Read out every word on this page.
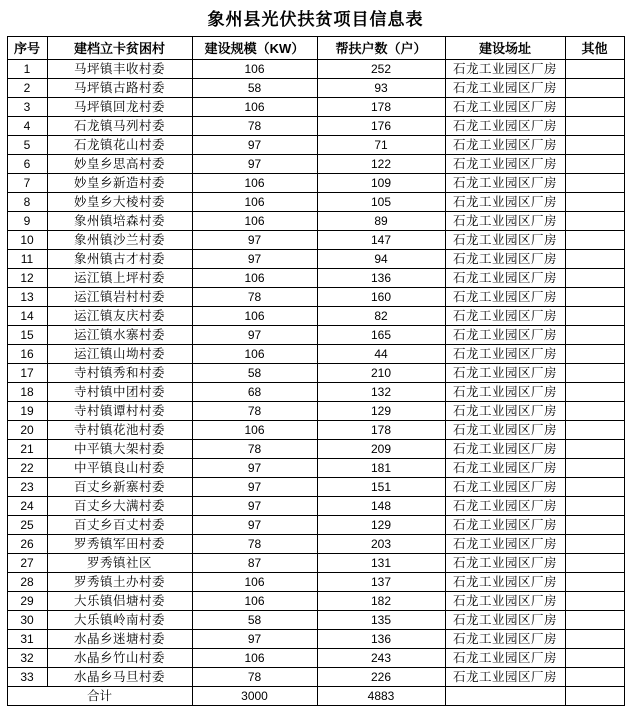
象州县光伏扶贫项目信息表
序号	建档立卡贫困村	建设规模（KW）	帮扶户数（户）	建设场址	其他
1	马坪镇丰收村委	106	252	石龙工业园区厂房	
2	马坪镇古路村委	58	93	石龙工业园区厂房	
3	马坪镇回龙村委	106	178	石龙工业园区厂房	
4	石龙镇马列村委	78	176	石龙工业园区厂房	
5	石龙镇花山村委	97	71	石龙工业园区厂房	
6	妙皇乡思高村委	97	122	石龙工业园区厂房	
7	妙皇乡新造村委	106	109	石龙工业园区厂房	
8	妙皇乡大棱村委	106	105	石龙工业园区厂房	
9	象州镇培森村委	106	89	石龙工业园区厂房	
10	象州镇沙兰村委	97	147	石龙工业园区厂房	
11	象州镇古才村委	97	94	石龙工业园区厂房	
12	运江镇上坪村委	106	136	石龙工业园区厂房	
13	运江镇岩村村委	78	160	石龙工业园区厂房	
14	运江镇友庆村委	106	82	石龙工业园区厂房	
15	运江镇水寨村委	97	165	石龙工业园区厂房	
16	运江镇山坳村委	106	44	石龙工业园区厂房	
17	寺村镇秀和村委	58	210	石龙工业园区厂房	
18	寺村镇中团村委	68	132	石龙工业园区厂房	
19	寺村镇谭村村委	78	129	石龙工业园区厂房	
20	寺村镇花池村委	106	178	石龙工业园区厂房	
21	中平镇大架村委	78	209	石龙工业园区厂房	
22	中平镇良山村委	97	181	石龙工业园区厂房	
23	百丈乡新寨村委	97	151	石龙工业园区厂房	
24	百丈乡大满村委	97	148	石龙工业园区厂房	
25	百丈乡百丈村委	97	129	石龙工业园区厂房	
26	罗秀镇军田村委	78	203	石龙工业园区厂房	
27	罗秀镇社区	87	131	石龙工业园区厂房	
28	罗秀镇土办村委	106	137	石龙工业园区厂房	
29	大乐镇侣塘村委	106	182	石龙工业园区厂房	
30	大乐镇岭南村委	58	135	石龙工业园区厂房	
31	水晶乡迷塘村委	97	136	石龙工业园区厂房	
32	水晶乡竹山村委	106	243	石龙工业园区厂房	
33	水晶乡马旦村委	78	226	石龙工业园区厂房	
合计		3000	4883		
